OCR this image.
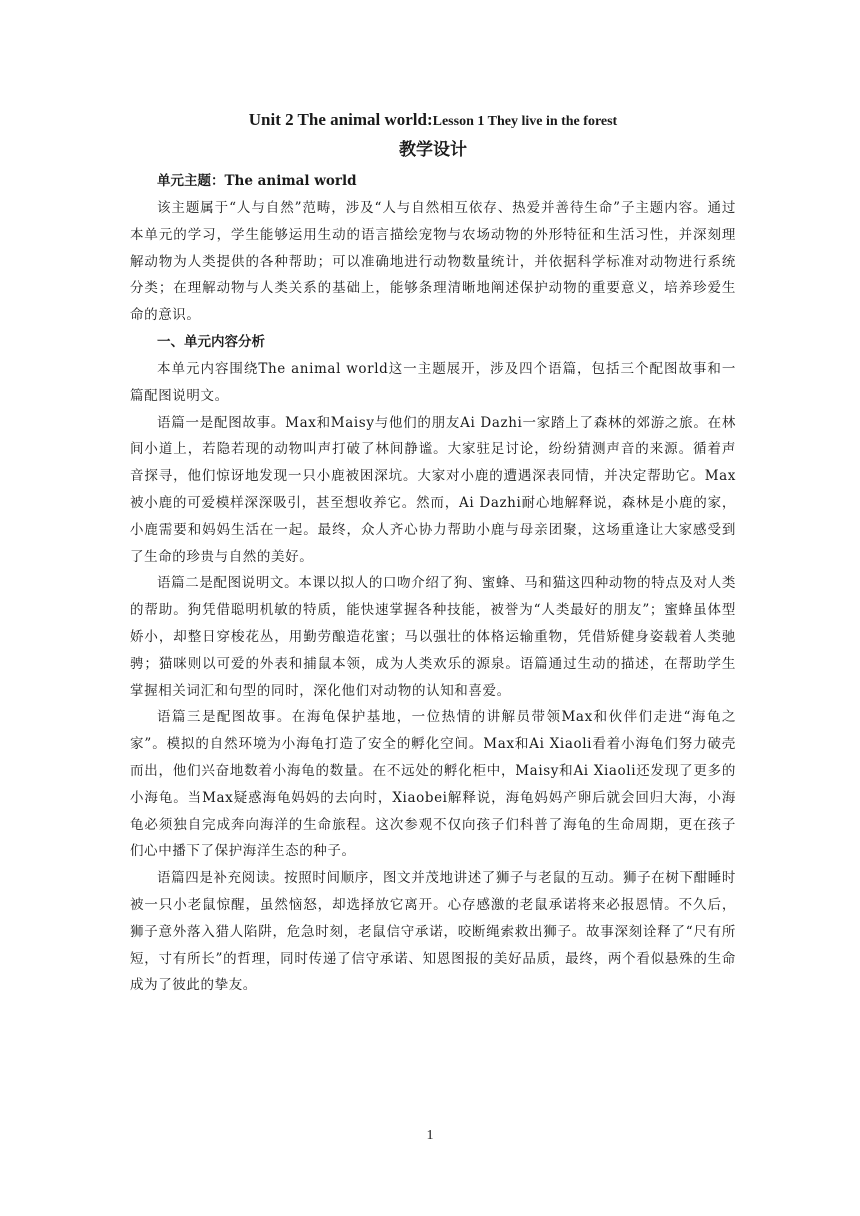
Unit 2 The animal world:Lesson 1 They live in the forest
教学设计
单元主题：The animal world

该主题属于“人与自然”范畴，涉及“人与自然相互依存、热爱并善待生命”子主题内容。通过本单元的学习，学生能够运用生动的语言描绘宠物与农场动物的外形特征和生活习性，并深刻理解动物为人类提供的各种帮助；可以准确地进行动物数量统计，并依据科学标准对动物进行系统分类；在理解动物与人类关系的基础上，能够条理清晰地阐述保护动物的重要意义，培养珍爱生命的意识。

一、单元内容分析

本单元内容围绕The animal world这一主题展开，涉及四个语篇，包括三个配图故事和一篇配图说明文。

语篇一是配图故事。Max和Maisy与他们的朋友Ai Dazhi一家踏上了森林的郊游之旅。在林间小道上，若隐若现的动物叫声打破了林间静谧。大家驻足讨论，纷纷猜测声音的来源。循着声音探寻，他们惊讶地发现一只小鹿被困深坑。大家对小鹿的遭遇深表同情，并决定帮助它。Max被小鹿的可爱模样深深吸引，甚至想收养它。然而，Ai Dazhi耐心地解释说，森林是小鹿的家，小鹿需要和妈妈生活在一起。最终，众人齐心协力帮助小鹿与母亲团聚，这场重逢让大家感受到了生命的珍贵与自然的美好。

语篇二是配图说明文。本课以拟人的口吻介绍了狗、蜜蜂、马和猫这四种动物的特点及对人类的帮助。狗凭借聪明机敏的特质，能快速掌握各种技能，被誉为“人类最好的朋友”；蜜蜂虽体型娇小，却整日穿梭花丛，用勤劳酿造花蜜；马以强壮的体格运输重物，凭借矫健身姿载着人类驰骋；猫咪则以可爱的外表和捕鼠本领，成为人类欢乐的源泉。语篇通过生动的描述，在帮助学生掌握相关词汇和句型的同时，深化他们对动物的认知和喜爱。

语篇三是配图故事。在海龟保护基地，一位热情的讲解员带领Max和伙伴们走进“海龟之家”。模拟的自然环境为小海龟打造了安全的孵化空间。Max和Ai Xiaoli看着小海龟们努力破壳而出，他们兴奋地数着小海龟的数量。在不远处的孵化柜中，Maisy和Ai Xiaoli还发现了更多的小海龟。当Max疑惑海龟妈妈的去向时，Xiaobei解释说，海龟妈妈产卵后就会回归大海，小海龟必须独自完成奔向海洋的生命旅程。这次参观不仅向孩子们科普了海龟的生命周期，更在孩子们心中播下了保护海洋生态的种子。

语篇四是补充阅读。按照时间顺序，图文并茂地讲述了狮子与老鼠的互动。狮子在树下酣睡时被一只小老鼠惊醒，虽然恼怒，却选择放它离开。心存感激的老鼠承诺将来必报恩情。不久后，狮子意外落入猎人陷阱，危急时刻，老鼠信守承诺，咬断绳索救出狮子。故事深刻诠释了“尺有所短，寸有所长”的哲理，同时传递了信守承诺、知恩图报的美好品质，最终，两个看似悬殊的生命成为了彼此的挚友。

1
